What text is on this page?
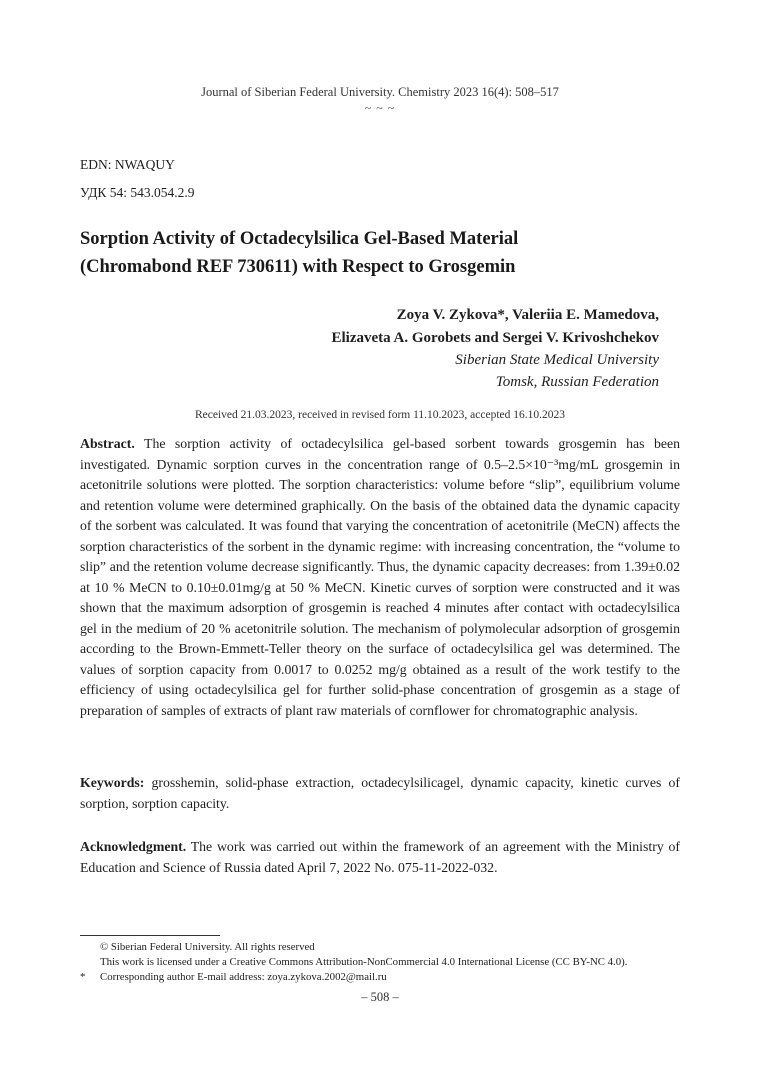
Journal of Siberian Federal University. Chemistry 2023 16(4): 508–517
~ ~ ~
EDN: NWAQUY
УДК 54: 543.054.2.9
Sorption Activity of Octadecylsilica Gel-Based Material
(Chromabond REF 730611) with Respect to Grosgemin
Zoya V. Zykova*, Valeriia E. Mamedova,
Elizaveta A. Gorobets and Sergei V. Krivoshchekov
Siberian State Medical University
Tomsk, Russian Federation
Received 21.03.2023, received in revised form 11.10.2023, accepted 16.10.2023
Abstract. The sorption activity of octadecylsilica gel-based sorbent towards grosgemin has been investigated. Dynamic sorption curves in the concentration range of 0.5–2.5×10⁻³mg/mL grosgemin in acetonitrile solutions were plotted. The sorption characteristics: volume before “slip”, equilibrium volume and retention volume were determined graphically. On the basis of the obtained data the dynamic capacity of the sorbent was calculated. It was found that varying the concentration of acetonitrile (MeCN) affects the sorption characteristics of the sorbent in the dynamic regime: with increasing concentration, the “volume to slip” and the retention volume decrease significantly. Thus, the dynamic capacity decreases: from 1.39±0.02 at 10 % MeCN to 0.10±0.01mg/g at 50 % MeCN. Kinetic curves of sorption were constructed and it was shown that the maximum adsorption of grosgemin is reached 4 minutes after contact with octadecylsilica gel in the medium of 20 % acetonitrile solution. The mechanism of polymolecular adsorption of grosgemin according to the Brown-Emmett-Teller theory on the surface of octadecylsilica gel was determined. The values of sorption capacity from 0.0017 to 0.0252 mg/g obtained as a result of the work testify to the efficiency of using octadecylsilica gel for further solid-phase concentration of grosgemin as a stage of preparation of samples of extracts of plant raw materials of cornflower for chromatographic analysis.
Keywords: grosshemin, solid-phase extraction, octadecylsilicagel, dynamic capacity, kinetic curves of sorption, sorption capacity.
Acknowledgment. The work was carried out within the framework of an agreement with the Ministry of Education and Science of Russia dated April 7, 2022 No. 075-11-2022-032.
© Siberian Federal University. All rights reserved
This work is licensed under a Creative Commons Attribution-NonCommercial 4.0 International License (CC BY-NC 4.0).
* Corresponding author E-mail address: zoya.zykova.2002@mail.ru
– 508 –
